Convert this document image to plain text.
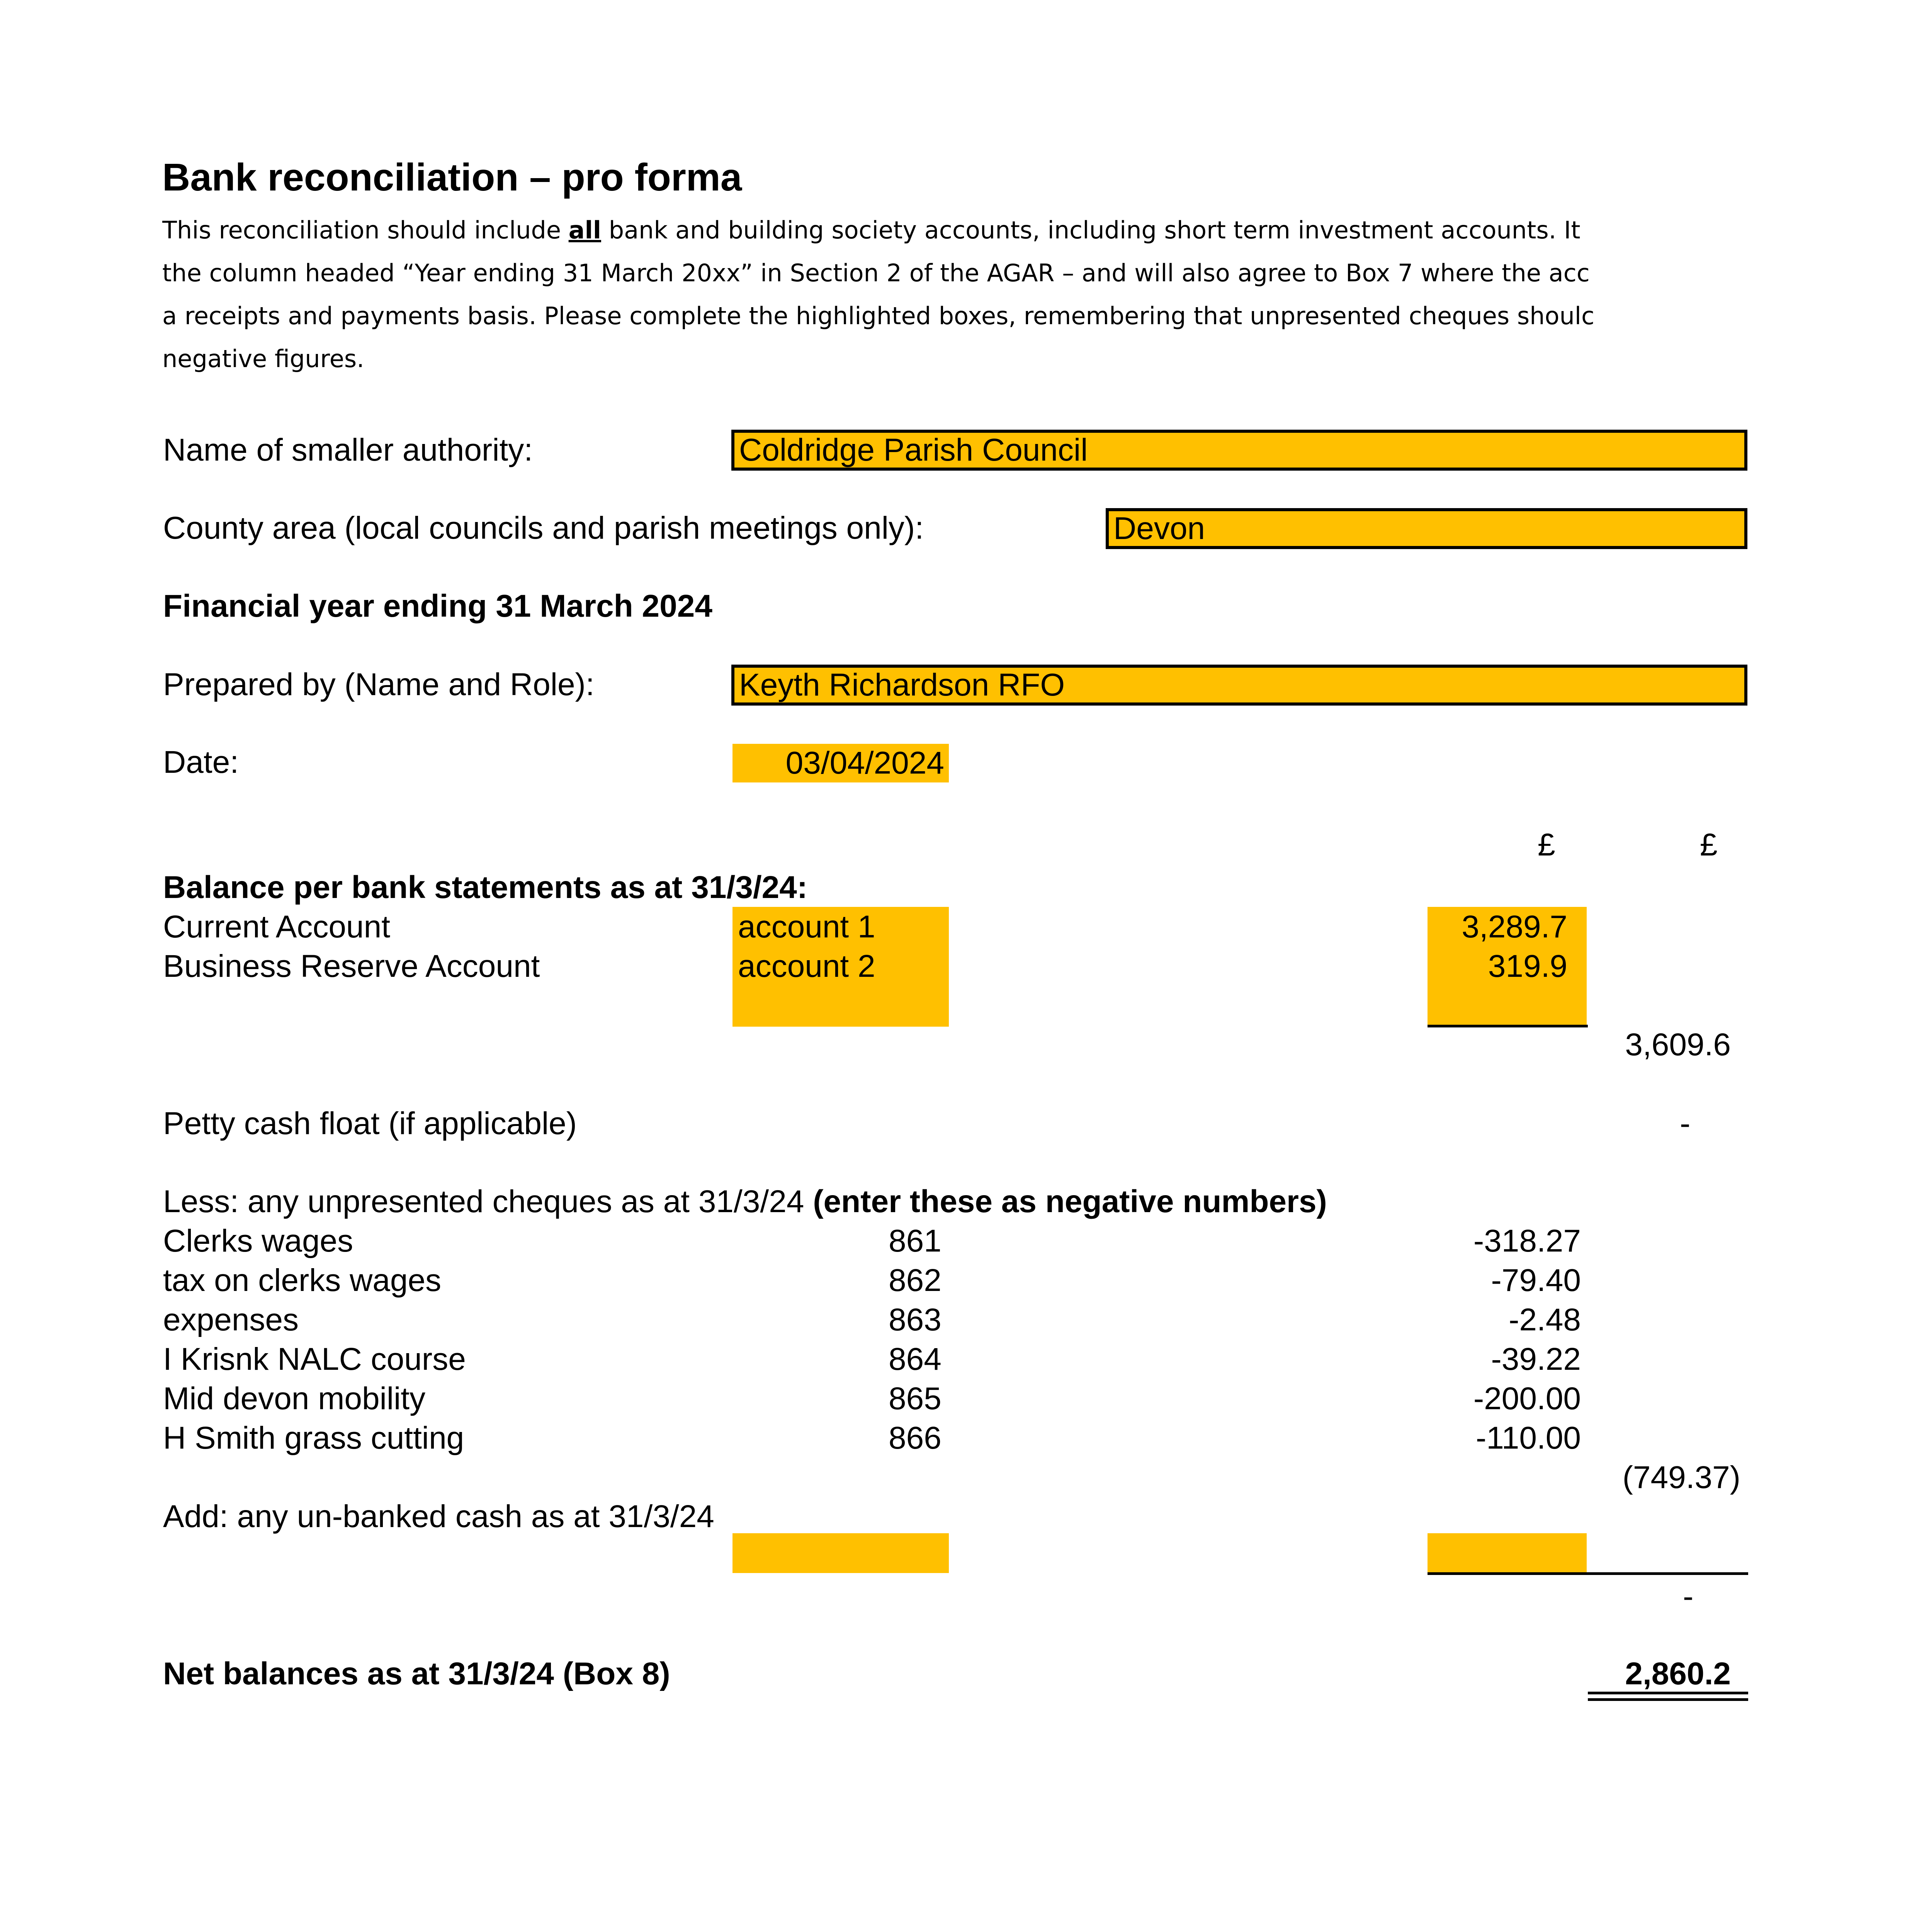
Bank reconciliation – pro forma
This reconciliation should include all bank and building society accounts, including short term investment accounts. It
the column headed “Year ending 31 March 20xx” in Section 2 of the AGAR – and will also agree to Box 7 where the acc
a receipts and payments basis. Please complete the highlighted boxes, remembering that unpresented cheques shoulc
negative figures.
Name of smaller authority:	Coldridge Parish Council
County area (local councils and parish meetings only):	Devon
Financial year ending 31 March 2024
Prepared by (Name and Role):	Keyth Richardson RFO
Date:	03/04/2024
£	£
Balance per bank statements as at 31/3/24:
Current Account	account 1	3,289.7
Business Reserve Account	account 2	319.9
3,609.6
Petty cash float (if applicable)	-
Less: any unpresented cheques as at 31/3/24 (enter these as negative numbers)
Clerks wages	861	-318.27
tax on clerks wages	862	-79.40
expenses	863	-2.48
I Krisnk NALC course	864	-39.22
Mid devon mobility	865	-200.00
H Smith grass cutting	866	-110.00
(749.37)
Add: any un-banked cash as at 31/3/24
-
Net balances as at 31/3/24 (Box 8)	2,860.2
